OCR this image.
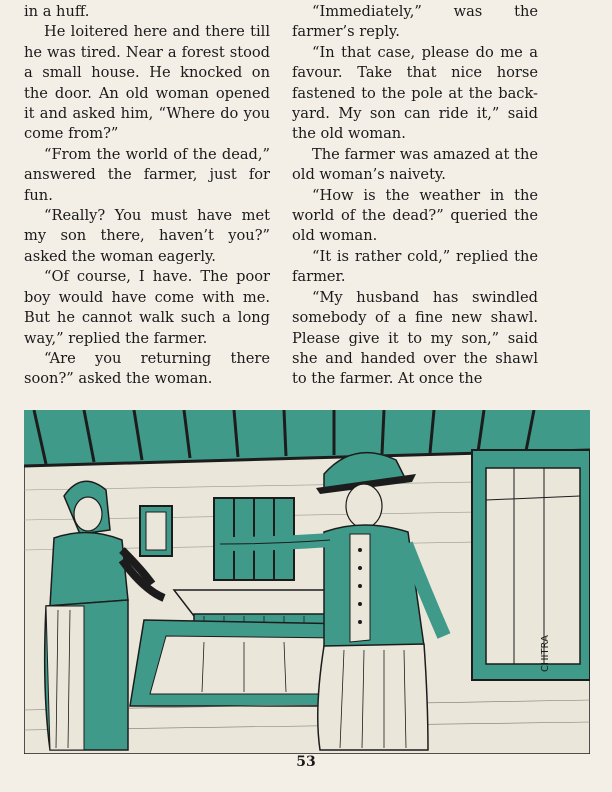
in a huff.

He loitered here and there till he was tired. Near a forest stood a small house. He knocked on the door. An old woman opened it and asked him, “Where do you come from?”

“From the world of the dead,” answered the farmer, just for fun.

“Really? You must have met my son there, haven’t you?” asked the woman eagerly.

“Of course, I have. The poor boy would have come with me. But he cannot walk such a long way,” replied the farmer.

“Are you returning there soon?” asked the woman.

“Immediately,” was the farmer’s reply.

“In that case, please do me a favour. Take that nice horse fastened to the pole at the back-yard. My son can ride it,” said the old woman.

The farmer was amazed at the old woman’s naivety.

“How is the weather in the world of the dead?” queried the old woman.

“It is rather cold,” replied the farmer.

“My husband has swindled somebody of a fine new shawl. Please give it to my son,” said she and handed over the shawl to the farmer. At once the

CHITRA
53
